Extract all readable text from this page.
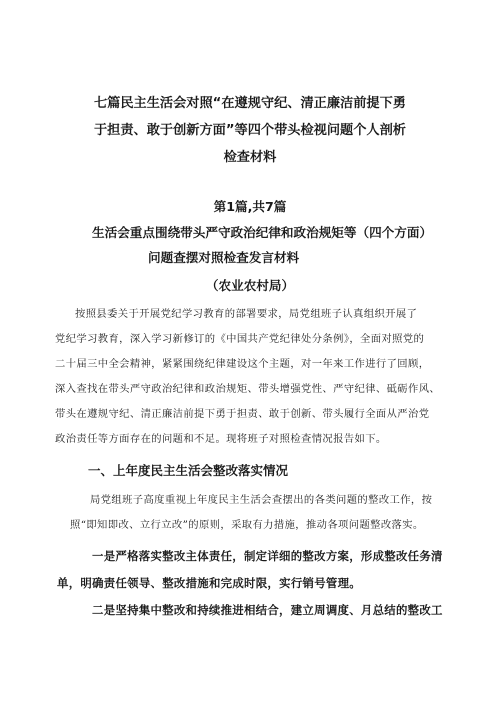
七篇民主生活会对照“在遵规守纪、清正廉洁前提下勇
于担责、敢于创新方面”等四个带头检视问题个人剖析
检查材料
第1篇,共7篇
生活会重点围绕带头严守政治纪律和政治规矩等（四个方面）
问题查摆对照检查发言材料
（农业农村局）
按照县委关于开展党纪学习教育的部署要求，局党组班子认真组织开展了
党纪学习教育，深入学习新修订的《中国共产党纪律处分条例》，全面对照党的
二十届三中全会精神，紧紧围绕纪律建设这个主题，对一年来工作进行了回顾，
深入查找在带头严守政治纪律和政治规矩、带头增强党性、严守纪律、砥砺作风、
带头在遵规守纪、清正廉洁前提下勇于担责、敢于创新、带头履行全面从严治党
政治责任等方面存在的问题和不足。现将班子对照检查情况报告如下。
一、上年度民主生活会整改落实情况
局党组班子高度重视上年度民主生活会查摆出的各类问题的整改工作，按
照“即知即改、立行立改”的原则，采取有力措施，推动各项问题整改落实。
一是严格落实整改主体责任，制定详细的整改方案，形成整改任务清
单，明确责任领导、整改措施和完成时限，实行销号管理。
二是坚持集中整改和持续推进相结合，建立周调度、月总结的整改工
